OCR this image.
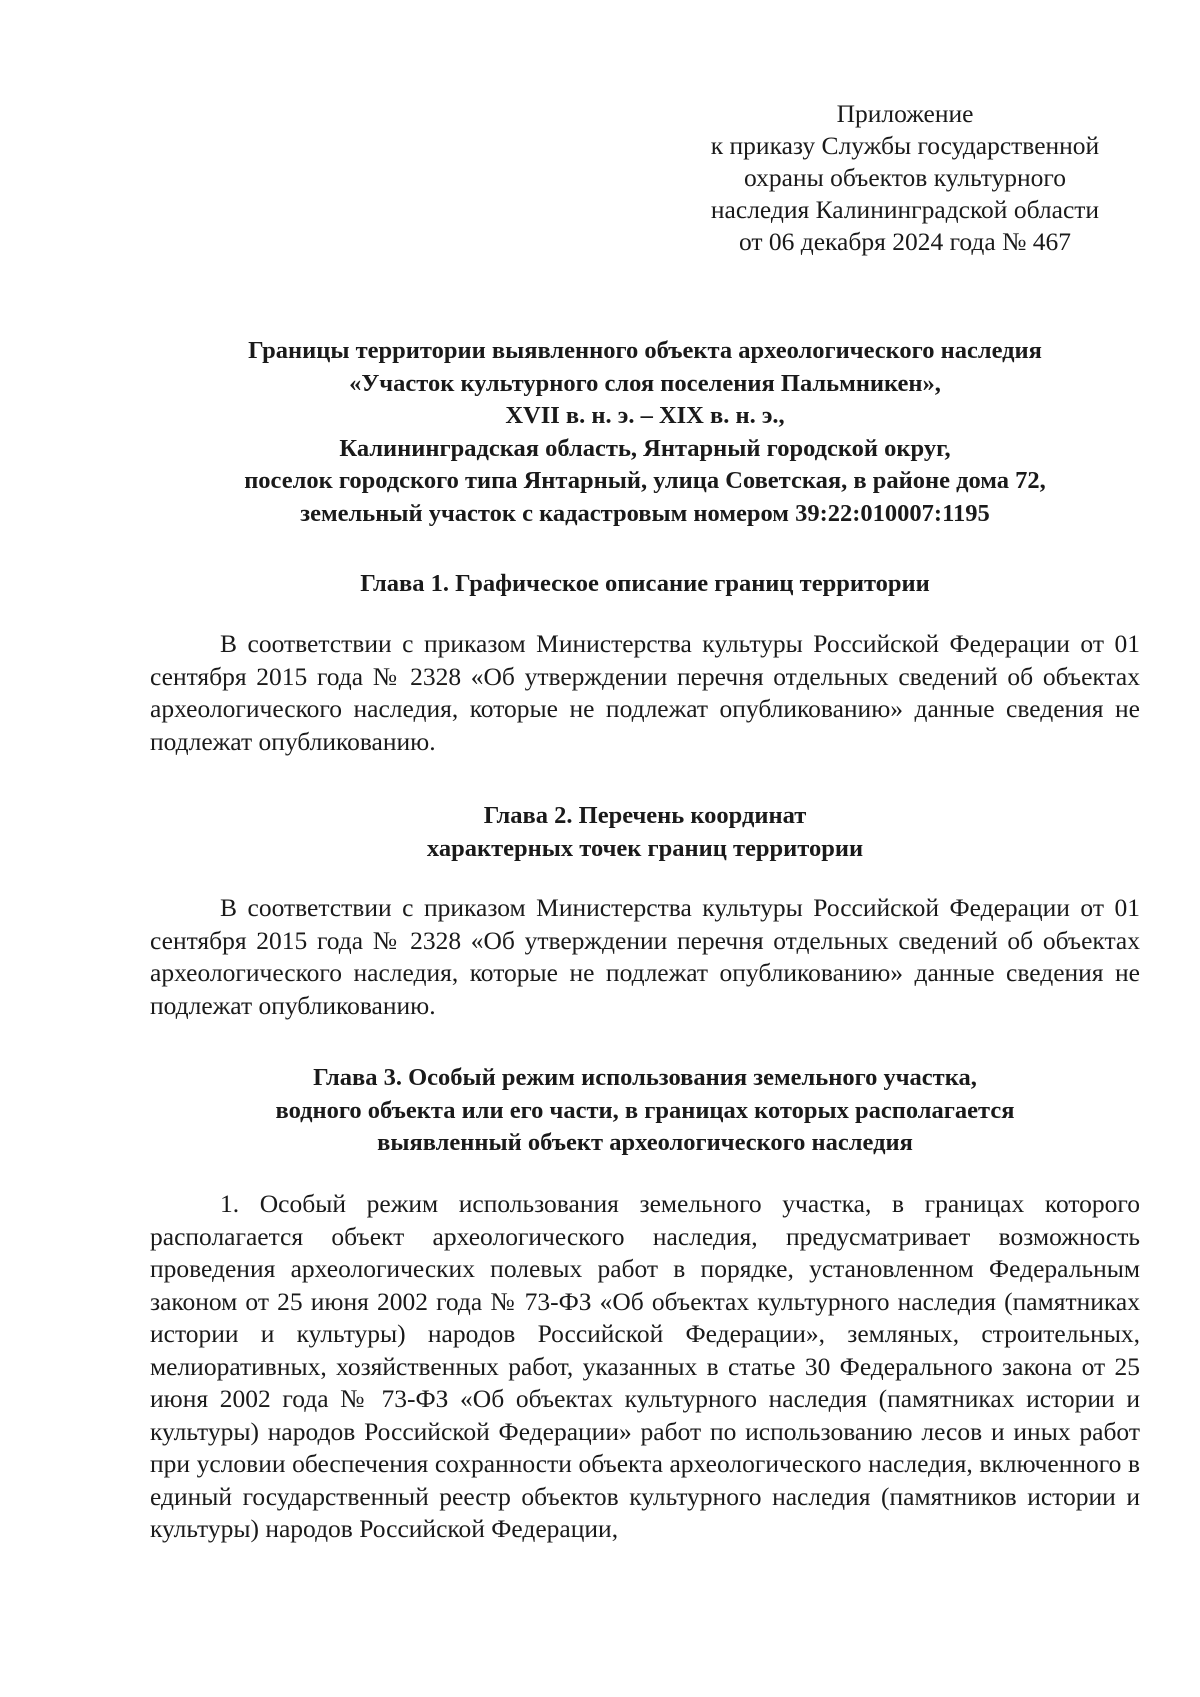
Приложение
к приказу Службы государственной
охраны объектов культурного
наследия Калининградской области
от 06 декабря 2024 года № 467
Границы территории выявленного объекта археологического наследия
«Участок культурного слоя поселения Пальмникен»,
XVII в. н. э. – XIX в. н. э.,
Калининградская область, Янтарный городской округ,
поселок городского типа Янтарный, улица Советская, в районе дома 72,
земельный участок с кадастровым номером 39:22:010007:1195
Глава 1. Графическое описание границ территории
В соответствии с приказом Министерства культуры Российской Федерации от 01 сентября 2015 года № 2328 «Об утверждении перечня отдельных сведений об объектах археологического наследия, которые не подлежат опубликованию» данные сведения не подлежат опубликованию.
Глава 2. Перечень координат
характерных точек границ территории
В соответствии с приказом Министерства культуры Российской Федерации от 01 сентября 2015 года № 2328 «Об утверждении перечня отдельных сведений об объектах археологического наследия, которые не подлежат опубликованию» данные сведения не подлежат опубликованию.
Глава 3. Особый режим использования земельного участка,
водного объекта или его части, в границах которых располагается
выявленный объект археологического наследия
1. Особый режим использования земельного участка, в границах которого располагается объект археологического наследия, предусматривает возможность проведения археологических полевых работ в порядке, установленном Федеральным законом от 25 июня 2002 года № 73-ФЗ «Об объектах культурного наследия (памятниках истории и культуры) народов Российской Федерации», земляных, строительных, мелиоративных, хозяйственных работ, указанных в статье 30 Федерального закона от 25 июня 2002 года № 73-ФЗ «Об объектах культурного наследия (памятниках истории и культуры) народов Российской Федерации» работ по использованию лесов и иных работ при условии обеспечения сохранности объекта археологического наследия, включенного в единый государственный реестр объектов культурного наследия (памятников истории и культуры) народов Российской Федерации,
